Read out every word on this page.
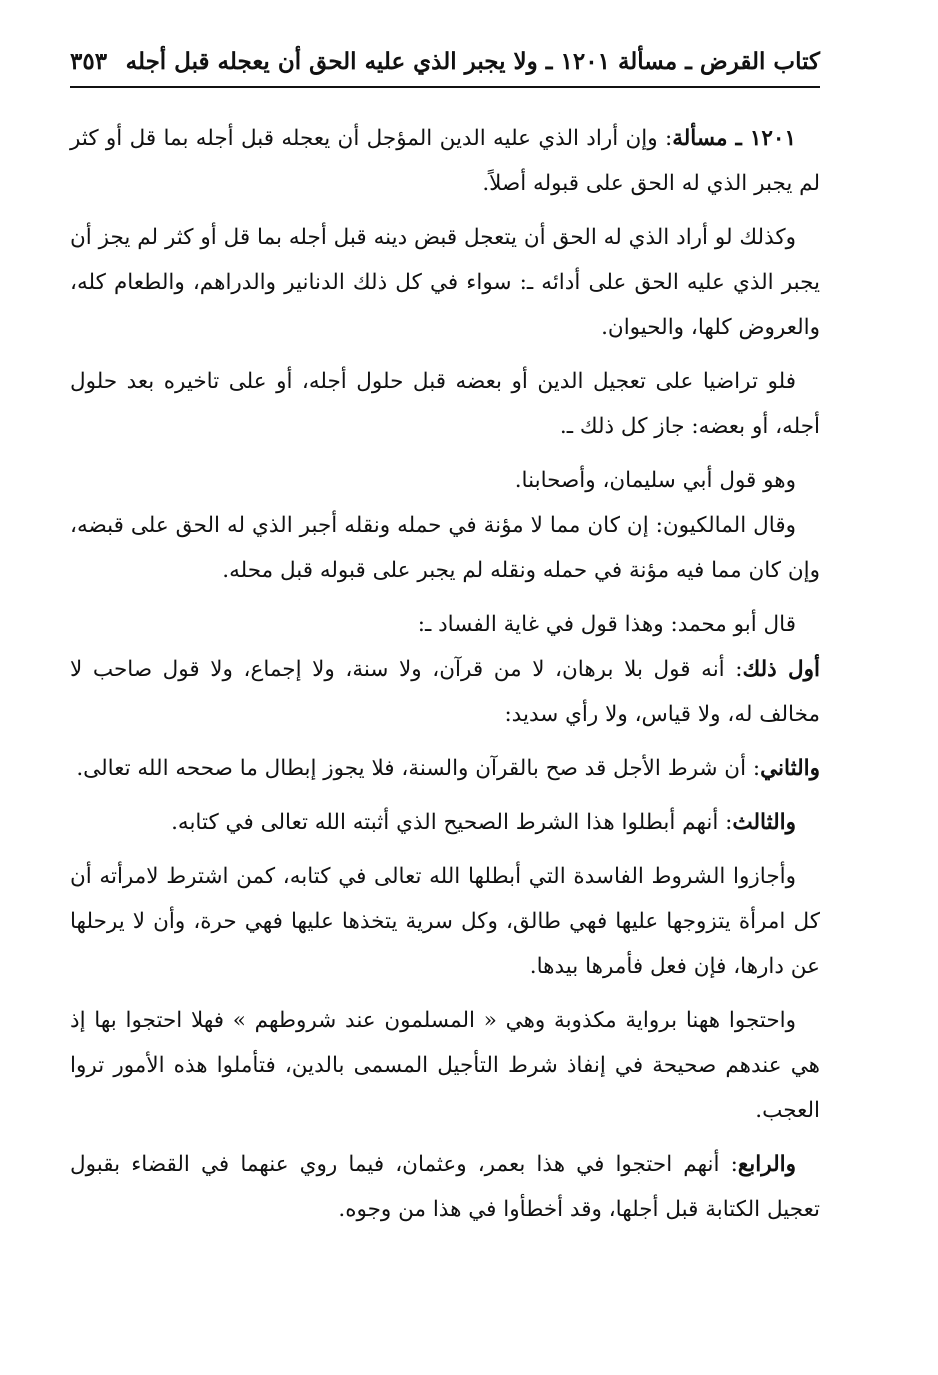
كتاب القرض ـ مسألة ١٢٠١ ـ ولا يجبر الذي عليه الحق أن يعجله قبل أجله
٣٥٣

١٢٠١ ـ مسألة: وإن أراد الذي عليه الدين المؤجل أن يعجله قبل أجله بما قل أو كثر لم يجبر الذي له الحق على قبوله أصلاً.

وكذلك لو أراد الذي له الحق أن يتعجل قبض دينه قبل أجله بما قل أو كثر لم يجز أن يجبر الذي عليه الحق على أدائه ـ: سواء في كل ذلك الدنانير والدراهم، والطعام كله، والعروض كلها، والحيوان.

فلو تراضيا على تعجيل الدين أو بعضه قبل حلول أجله، أو على تاخيره بعد حلول أجله، أو بعضه: جاز كل ذلك ـ.

وهو قول أبي سليمان، وأصحابنا.

وقال المالكيون: إن كان مما لا مؤنة في حمله ونقله أجبر الذي له الحق على قبضه، وإن كان مما فيه مؤنة في حمله ونقله لم يجبر على قبوله قبل محله.

قال أبو محمد: وهذا قول في غاية الفساد ـ:

أول ذلك: أنه قول بلا برهان، لا من قرآن، ولا سنة، ولا إجماع، ولا قول صاحب لا مخالف له، ولا قياس، ولا رأي سديد:

والثاني: أن شرط الأجل قد صح بالقرآن والسنة، فلا يجوز إبطال ما صححه الله تعالى.

والثالث: أنهم أبطلوا هذا الشرط الصحيح الذي أثبته الله تعالى في كتابه.

وأجازوا الشروط الفاسدة التي أبطلها الله تعالى في كتابه، كمن اشترط لامرأته أن كل امرأة يتزوجها عليها فهي طالق، وكل سرية يتخذها عليها فهي حرة، وأن لا يرحلها عن دارها، فإن فعل فأمرها بيدها.

واحتجوا ههنا برواية مكذوبة وهي « المسلمون عند شروطهم » فهلا احتجوا بها إذ هي عندهم صحيحة في إنفاذ شرط التأجيل المسمى بالدين، فتأملوا هذه الأمور تروا العجب.

والرابع: أنهم احتجوا في هذا بعمر، وعثمان، فيما روي عنهما في القضاء بقبول تعجيل الكتابة قبل أجلها، وقد أخطأوا في هذا من وجوه.
